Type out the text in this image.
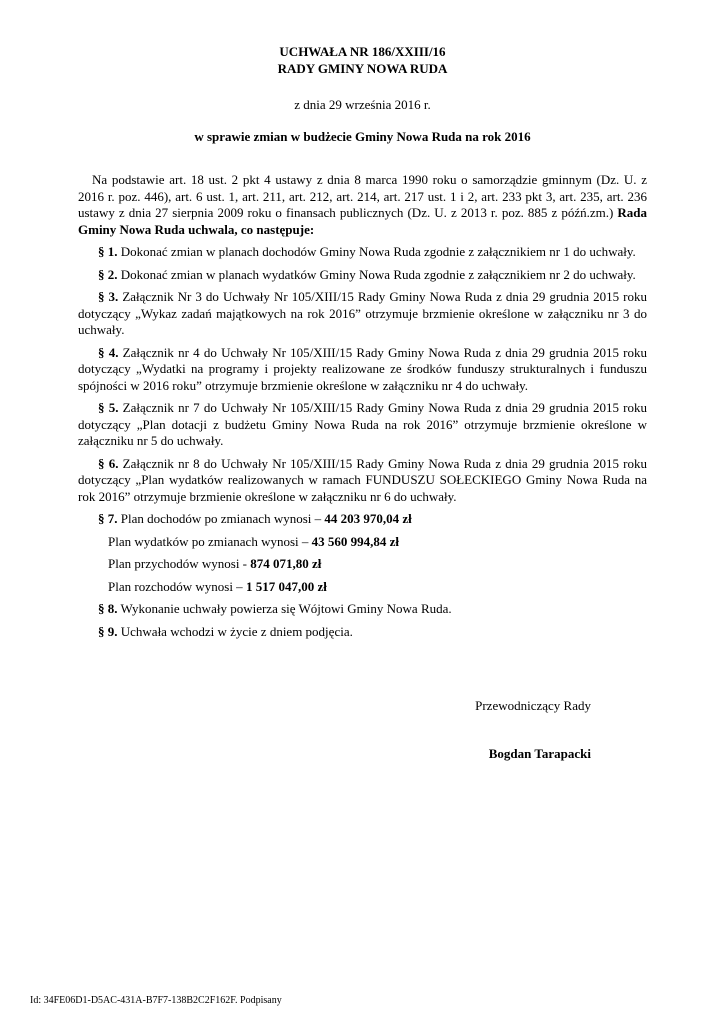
UCHWAŁA NR 186/XXIII/16
RADY GMINY NOWA RUDA

z dnia 29 września 2016 r.

w sprawie zmian w budżecie Gminy Nowa Ruda na rok 2016

Na podstawie art. 18 ust. 2 pkt 4 ustawy z dnia 8 marca 1990 roku o samorządzie gminnym (Dz. U. z 2016 r. poz. 446), art. 6 ust. 1, art. 211, art. 212, art. 214, art. 217 ust. 1 i 2, art. 233 pkt 3, art. 235, art. 236 ustawy z dnia 27 sierpnia 2009 roku o finansach publicznych (Dz. U. z 2013 r. poz. 885 z późń.zm.) Rada Gminy Nowa Ruda uchwala, co następuje:

§ 1. Dokonać zmian w planach dochodów Gminy Nowa Ruda zgodnie z załącznikiem nr 1 do uchwały.

§ 2. Dokonać zmian w planach wydatków Gminy Nowa Ruda zgodnie z załącznikiem nr 2 do uchwały.

§ 3. Załącznik Nr 3 do Uchwały Nr 105/XIII/15 Rady Gminy Nowa Ruda z dnia 29 grudnia 2015 roku dotyczący „Wykaz zadań majątkowych na rok 2016” otrzymuje brzmienie określone w załączniku nr 3 do uchwały.

§ 4. Załącznik nr 4 do Uchwały Nr 105/XIII/15 Rady Gminy Nowa Ruda z dnia 29 grudnia 2015 roku dotyczący „Wydatki na programy i projekty realizowane ze środków funduszy strukturalnych i funduszu spójności w 2016 roku” otrzymuje brzmienie określone w załączniku nr 4 do uchwały.

§ 5. Załącznik nr 7 do Uchwały Nr 105/XIII/15 Rady Gminy Nowa Ruda z dnia 29 grudnia 2015 roku dotyczący „Plan dotacji z budżetu Gminy Nowa Ruda na rok 2016” otrzymuje brzmienie określone w załączniku nr 5 do uchwały.

§ 6. Załącznik nr 8 do Uchwały Nr 105/XIII/15 Rady Gminy Nowa Ruda z dnia 29 grudnia 2015 roku dotyczący „Plan wydatków realizowanych w ramach FUNDUSZU SOŁECKIEGO Gminy Nowa Ruda na rok 2016” otrzymuje brzmienie określone w załączniku nr 6 do uchwały.

§ 7. Plan dochodów po zmianach wynosi – 44 203 970,04 zł

Plan wydatków po zmianach wynosi – 43 560 994,84 zł

Plan przychodów wynosi - 874 071,80 zł

Plan rozchodów wynosi – 1 517 047,00 zł

§ 8. Wykonanie uchwały powierza się Wójtowi Gminy Nowa Ruda.

§ 9. Uchwała wchodzi w życie z dniem podjęcia.

Przewodniczący Rady

Bogdan Tarapacki

Id: 34FE06D1-D5AC-431A-B7F7-138B2C2F162F. Podpisany
